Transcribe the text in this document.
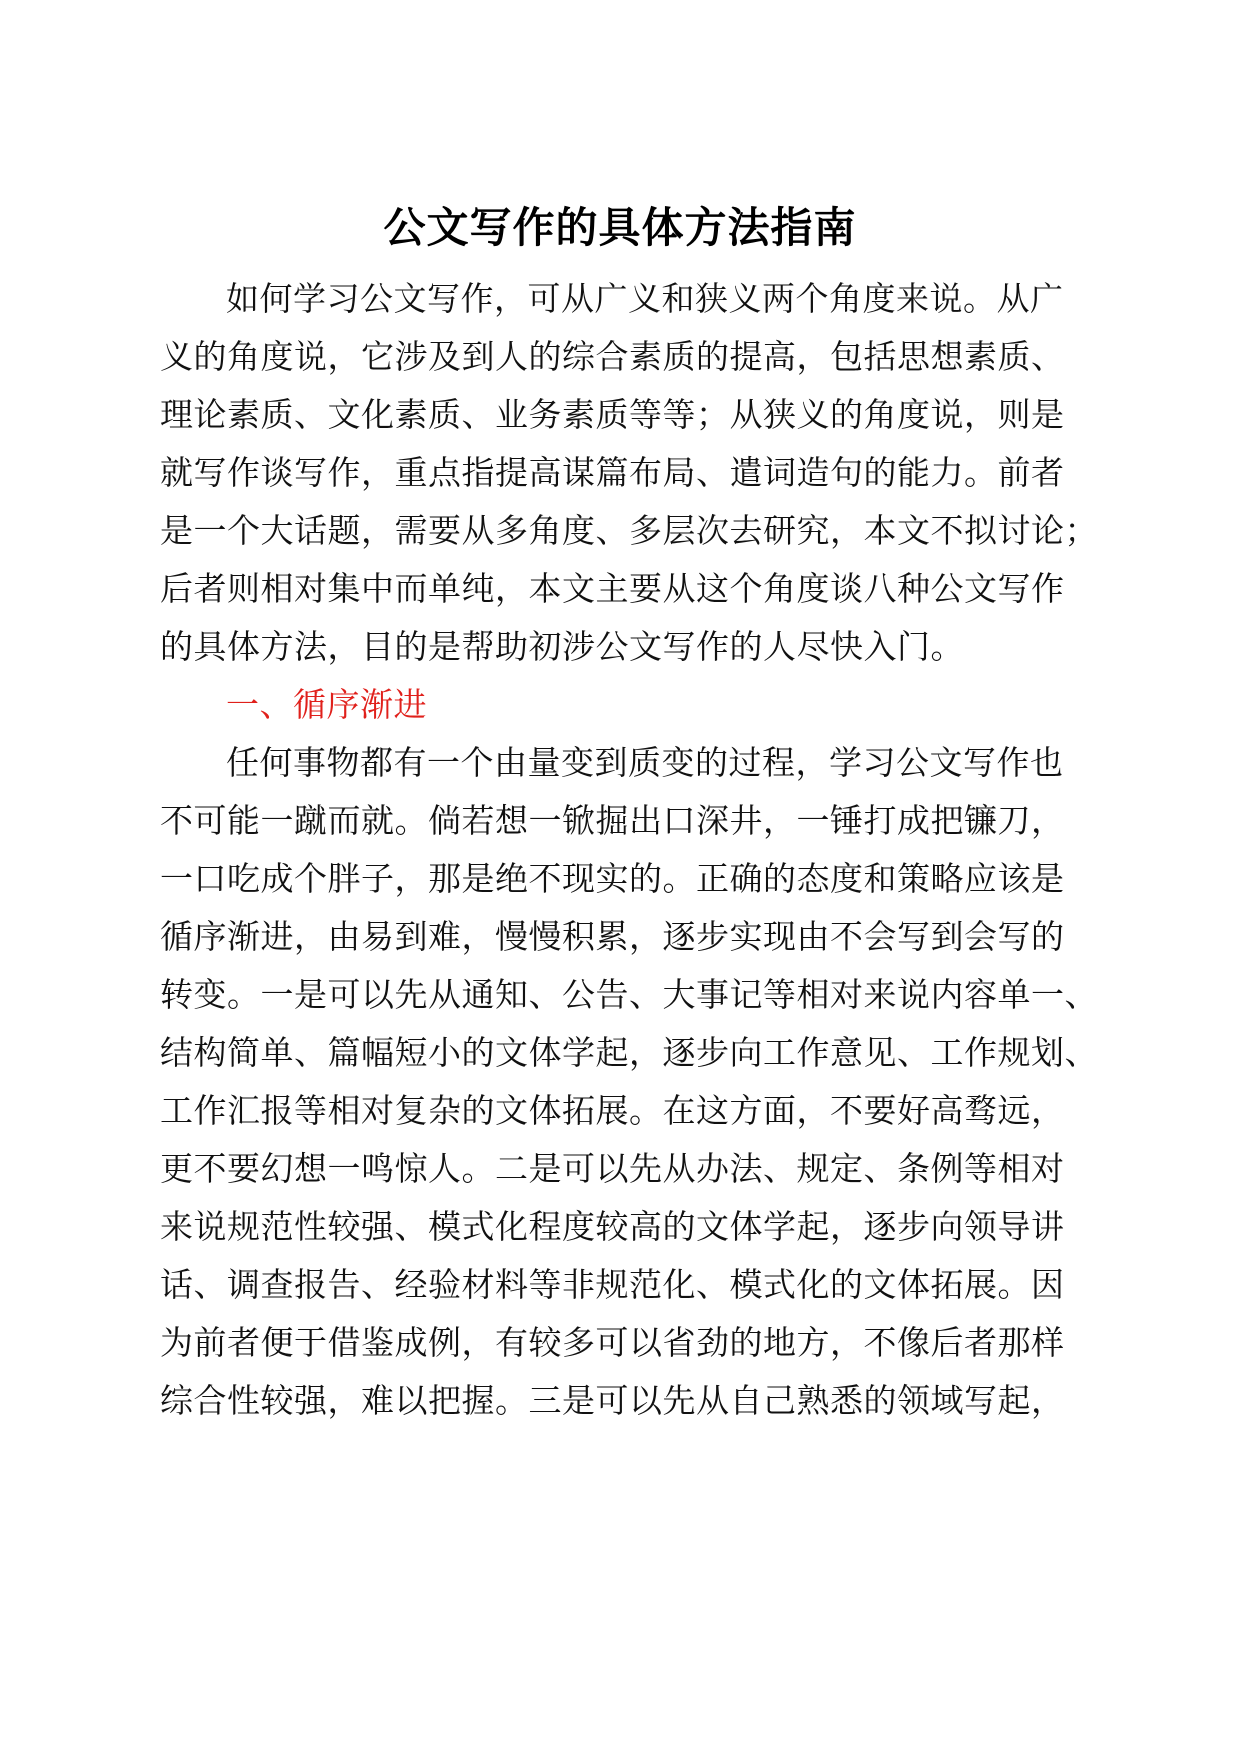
公文写作的具体方法指南
如何学习公文写作，可从广义和狭义两个角度来说。从广
义的角度说，它涉及到人的综合素质的提高，包括思想素质、
理论素质、文化素质、业务素质等等；从狭义的角度说，则是
就写作谈写作，重点指提高谋篇布局、遣词造句的能力。前者
是一个大话题，需要从多角度、多层次去研究，本文不拟讨论；
后者则相对集中而单纯，本文主要从这个角度谈八种公文写作
的具体方法，目的是帮助初涉公文写作的人尽快入门。
一、循序渐进
任何事物都有一个由量变到质变的过程，学习公文写作也
不可能一蹴而就。倘若想一锨掘出口深井，一锤打成把镰刀，
一口吃成个胖子，那是绝不现实的。正确的态度和策略应该是
循序渐进，由易到难，慢慢积累，逐步实现由不会写到会写的
转变。一是可以先从通知、公告、大事记等相对来说内容单一、
结构简单、篇幅短小的文体学起，逐步向工作意见、工作规划、
工作汇报等相对复杂的文体拓展。在这方面，不要好高骛远，
更不要幻想一鸣惊人。二是可以先从办法、规定、条例等相对
来说规范性较强、模式化程度较高的文体学起，逐步向领导讲
话、调查报告、经验材料等非规范化、模式化的文体拓展。因
为前者便于借鉴成例，有较多可以省劲的地方，不像后者那样
综合性较强，难以把握。三是可以先从自己熟悉的领域写起，
